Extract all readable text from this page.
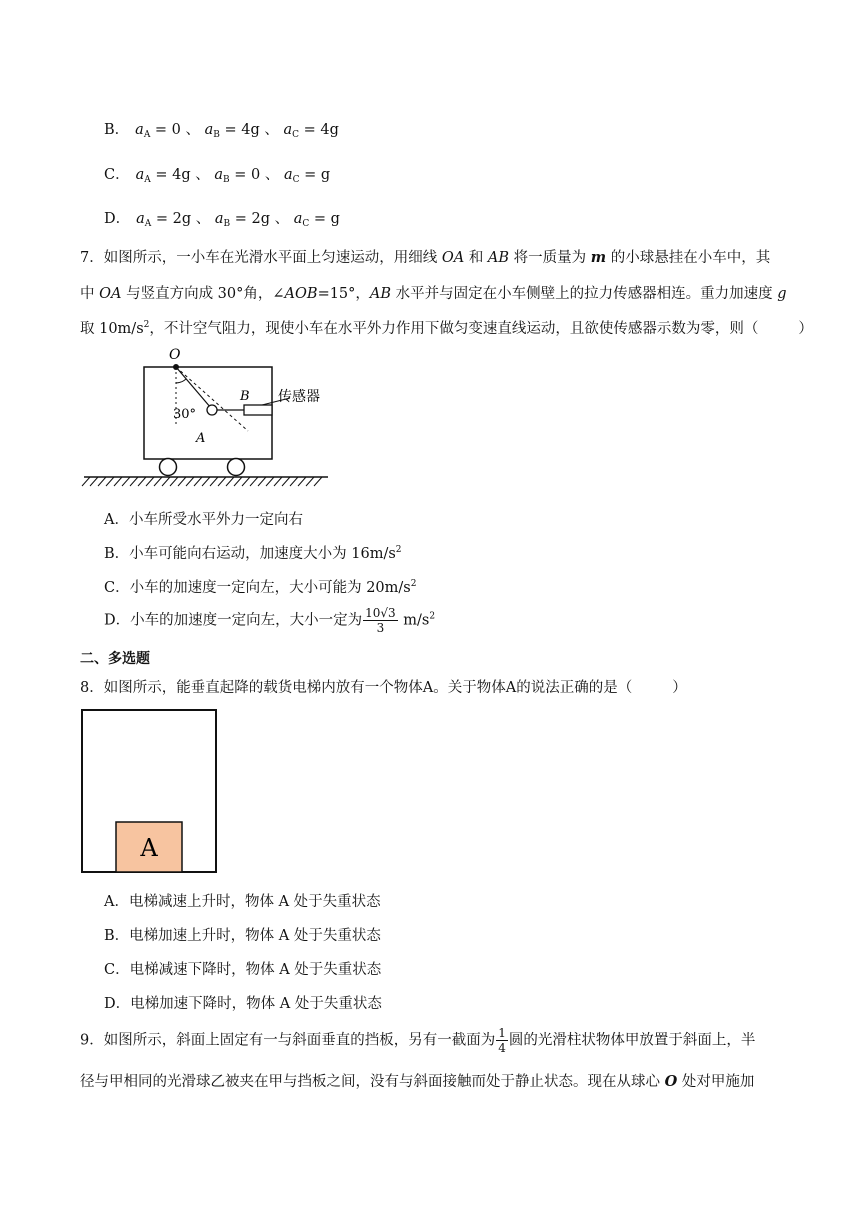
B． $a_A = 0$ 、 $a_B = 4g$ 、 $a_C = 4g$
C． $a_A = 4g$ 、 $a_B = 0$ 、 $a_C = g$
D． $a_A = 2g$ 、 $a_B = 2g$ 、 $a_C = g$
7．如图所示，一小车在光滑水平面上匀速运动，用细线 OA 和 AB 将一质量为 m 的小球悬挂在小车中，其
中 OA 与竖直方向成 30°角，∠AOB=15°，AB 水平并与固定在小车侧壁上的拉力传感器相连。重力加速度 g
取 $10m/s^2$，不计空气阻力，现使小车在水平外力作用下做匀变速直线运动，且欲使传感器示数为零，则（	）
O
30°
A
B 传感器
A．小车所受水平外力一定向右
B．小车可能向右运动，加速度大小为 $16m/s^2$
C．小车的加速度一定向左，大小可能为 $20m/s^2$
D．小车的加速度一定向左，大小一定为 $\frac{10√3}{3} m/s^2$
二、多选题
8．如图所示，能垂直起降的载货电梯内放有一个物体A。关于物体A的说法正确的是（	）
A
A．电梯减速上升时，物体 A 处于失重状态
B．电梯加速上升时，物体 A 处于失重状态
C．电梯减速下降时，物体 A 处于失重状态
D．电梯加速下降时，物体 A 处于失重状态
9．如图所示，斜面上固定有一与斜面垂直的挡板，另有一截面为 $\frac{1}{4}$ 圆的光滑柱状物体甲放置于斜面上，半
径与甲相同的光滑球乙被夹在甲与挡板之间，没有与斜面接触而处于静止状态。现在从球心 O 处对甲施加
